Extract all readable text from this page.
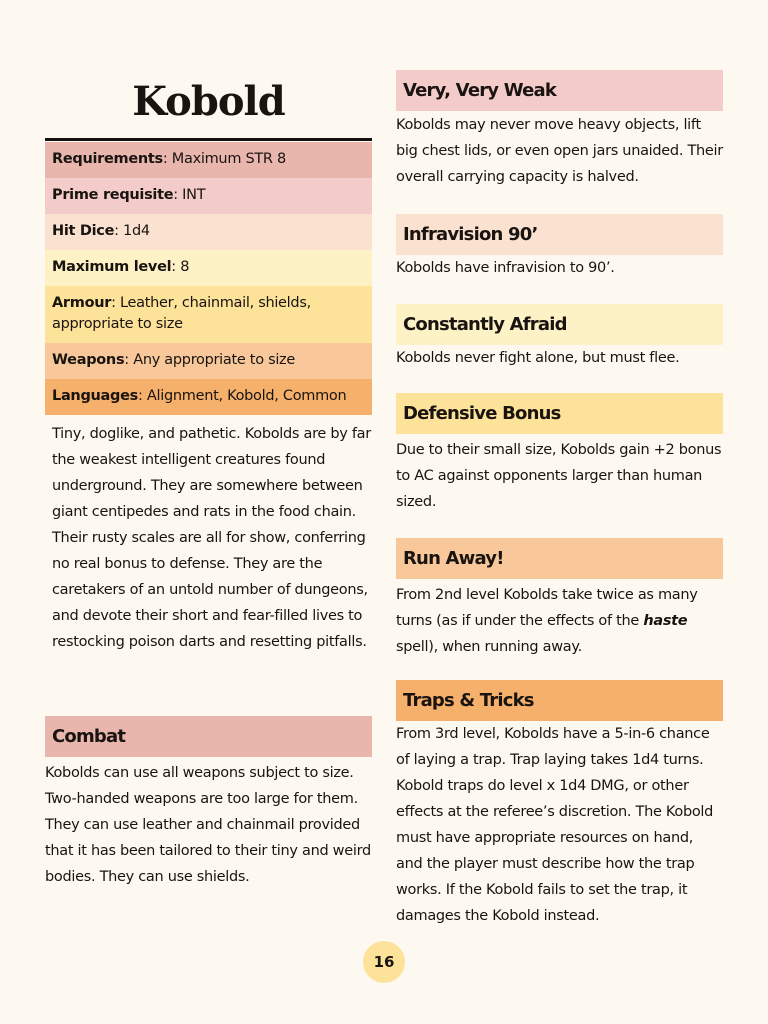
Kobold
Requirements: Maximum STR 8
Prime requisite: INT
Hit Dice: 1d4
Maximum level: 8
Armour: Leather, chainmail, shields, appropriate to size
Weapons: Any appropriate to size
Languages: Alignment, Kobold, Common

Tiny, doglike, and pathetic. Kobolds are by far the weakest intelligent creatures found underground. They are somewhere between giant centipedes and rats in the food chain. Their rusty scales are all for show, conferring no real bonus to defense. They are the caretakers of an untold number of dungeons, and devote their short and fear-filled lives to restocking poison darts and resetting pitfalls.

Combat
Kobolds can use all weapons subject to size. Two-handed weapons are too large for them. They can use leather and chainmail provided that it has been tailored to their tiny and weird bodies. They can use shields.
Very, Very Weak
Kobolds may never move heavy objects, lift big chest lids, or even open jars unaided. Their overall carrying capacity is halved.
Infravision 90’
Kobolds have infravision to 90’.
Constantly Afraid
Kobolds never fight alone, but must flee.
Defensive Bonus
Due to their small size, Kobolds gain +2 bonus to AC against opponents larger than human sized.
Run Away!
From 2nd level Kobolds take twice as many turns (as if under the effects of the haste spell), when running away.
Traps & Tricks
From 3rd level, Kobolds have a 5-in-6 chance of laying a trap. Trap laying takes 1d4 turns. Kobold traps do level x 1d4 DMG, or other effects at the referee’s discretion. The Kobold must have appropriate resources on hand, and the player must describe how the trap works. If the Kobold fails to set the trap, it damages the Kobold instead.
16
